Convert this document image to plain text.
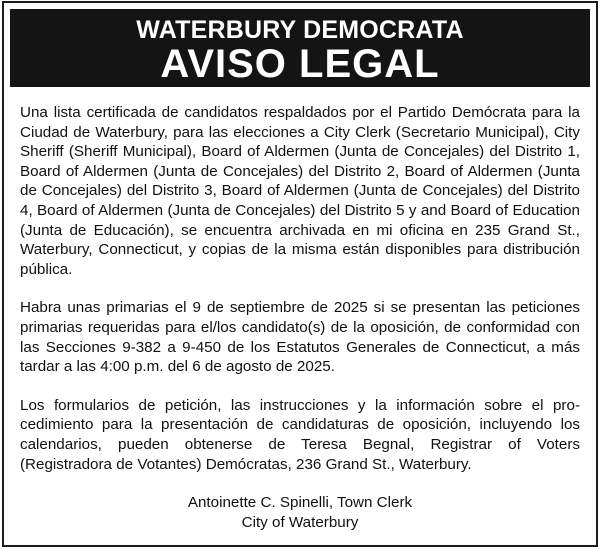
WATERBURY DEMOCRATA
AVISO LEGAL

Una lista certificada de candidatos respaldados por el Partido Demócrata para la Ciudad de Waterbury, para las elecciones a City Clerk (Secretario Municipal), City Sheriff (Sheriff Municipal), Board of Aldermen (Junta de Concejales) del Distrito 1, Board of Aldermen (Junta de Concejales) del Distrito 2, Board of Aldermen (Junta de Concejales) del Distrito 3, Board of Aldermen (Junta de Concejales) del Distrito 4, Board of Aldermen (Junta de Concejales) del Distrito 5 y and Board of Education (Junta de Educación), se encuentra archivada en mi oficina en 235 Grand St., Waterbury, Connecticut, y copias de la misma están disponibles para distribución pública.

Habra unas primarias el 9 de septiembre de 2025 si se presentan las peticiones primarias requeridas para el/los candidato(s) de la oposición, de conformidad con las Secciones 9-382 a 9-450 de los Estatutos Generales de Connecticut, a más tardar a las 4:00 p.m. del 6 de agosto de 2025.

Los formularios de petición, las instrucciones y la información sobre el procedimiento para la presentación de candidaturas de oposición, incluyendo los calendarios, pueden obtenerse de Teresa Begnal, Registrar of Voters (Registradora de Votantes) Demócratas, 236 Grand St., Waterbury.

Antoinette C. Spinelli, Town Clerk
City of Waterbury
